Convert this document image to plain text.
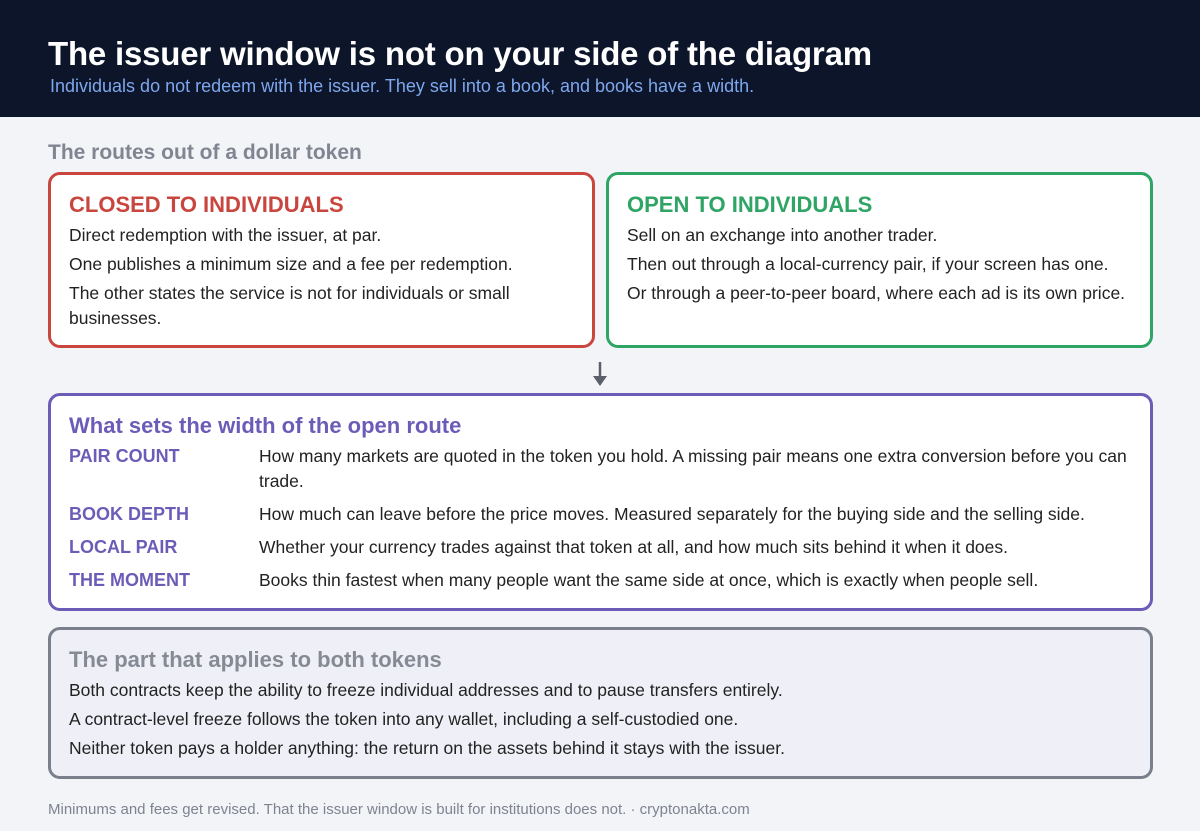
The issuer window is not on your side of the diagram
Individuals do not redeem with the issuer. They sell into a book, and books have a width.
The routes out of a dollar token
CLOSED TO INDIVIDUALS
Direct redemption with the issuer, at par.
One publishes a minimum size and a fee per redemption.
The other states the service is not for individuals or small businesses.
OPEN TO INDIVIDUALS
Sell on an exchange into another trader.
Then out through a local-currency pair, if your screen has one.
Or through a peer-to-peer board, where each ad is its own price.
What sets the width of the open route
PAIR COUNT	How many markets are quoted in the token you hold. A missing pair means one extra conversion before you can trade.
BOOK DEPTH	How much can leave before the price moves. Measured separately for the buying side and the selling side.
LOCAL PAIR	Whether your currency trades against that token at all, and how much sits behind it when it does.
THE MOMENT	Books thin fastest when many people want the same side at once, which is exactly when people sell.
The part that applies to both tokens
Both contracts keep the ability to freeze individual addresses and to pause transfers entirely.
A contract-level freeze follows the token into any wallet, including a self-custodied one.
Neither token pays a holder anything: the return on the assets behind it stays with the issuer.
Minimums and fees get revised. That the issuer window is built for institutions does not. · cryptonakta.com
